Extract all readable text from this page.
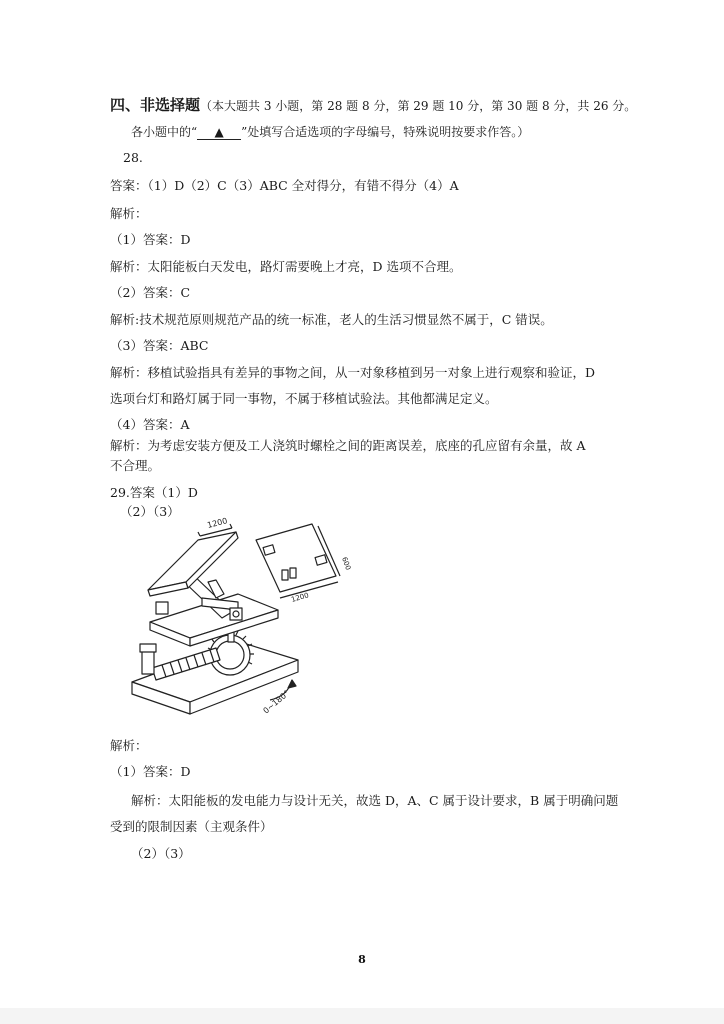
四、非选择题（本大题共 3 小题，第 28 题 8 分，第 29 题 10 分，第 30 题 8 分，共 26 分。
各小题中的“ ▲ ”处填写合适选项的字母编号，特殊说明按要求作答。）
28.
答案：（1）D（2）C（3）ABC 全对得分，有错不得分（4）A
解析：
（1）答案：D
解析：太阳能板白天发电，路灯需要晚上才亮，D 选项不合理。
（2）答案：C
解析:技术规范原则规范产品的统一标准，老人的生活习惯显然不属于，C 错误。
（3）答案：ABC
解析：移植试验指具有差异的事物之间，从一对象移植到另一对象上进行观察和验证，D
选项台灯和路灯属于同一事物，不属于移植试验法。其他都满足定义。
（4）答案：A
解析：为考虑安装方便及工人浇筑时螺栓之间的距离误差，底座的孔应留有余量，故 A
不合理。
29.答案（1）D
（2）（3）
0~180°
1200
1200
600
解析：
（1）答案：D
解析：太阳能板的发电能力与设计无关，故选 D，A、C 属于设计要求，B 属于明确问题
受到的限制因素（主观条件）
（2）（3）
8
